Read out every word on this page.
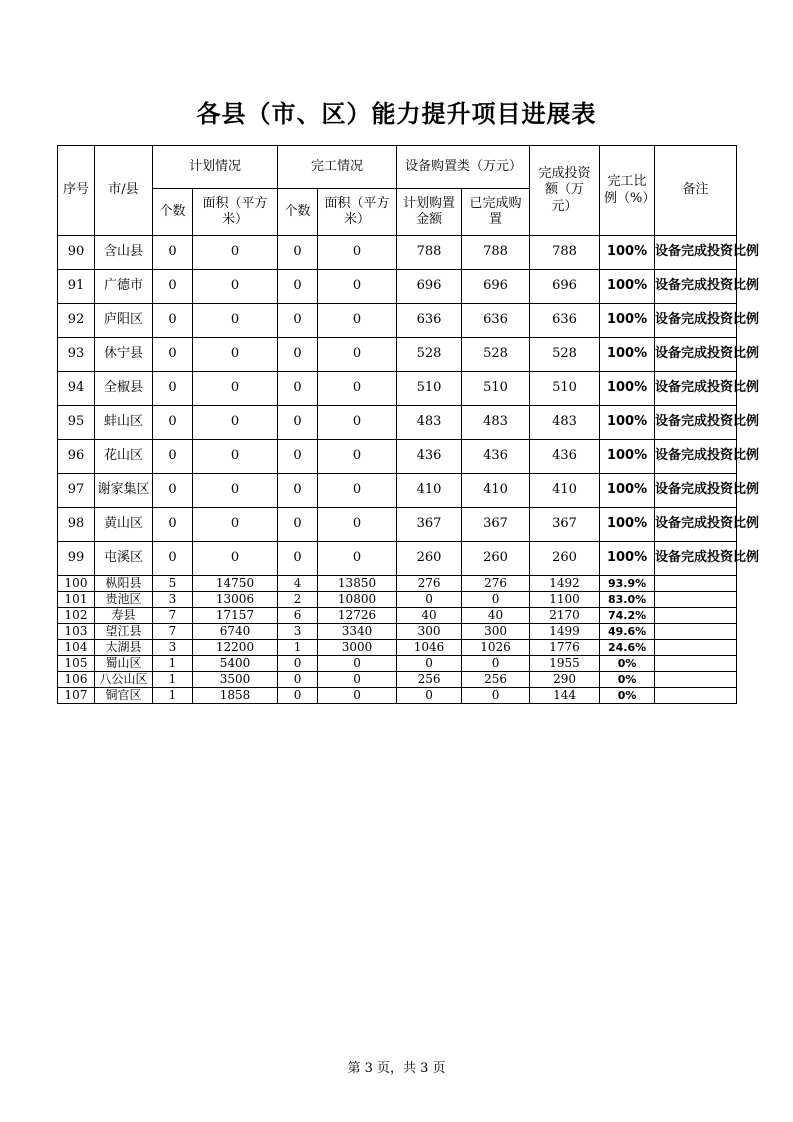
各县（市、区）能力提升项目进展表
序号	市/县	计划情况		完工情况		设备购置类（万元）		完成投资额（万元）	完工比例（%）	备注
		个数	面积（平方米）	个数	面积（平方米）	计划购置金额	已完成购置			
90	含山县	0	0	0	0	788	788	788	100%	设备完成投资比例
91	广德市	0	0	0	0	696	696	696	100%	设备完成投资比例
92	庐阳区	0	0	0	0	636	636	636	100%	设备完成投资比例
93	休宁县	0	0	0	0	528	528	528	100%	设备完成投资比例
94	全椒县	0	0	0	0	510	510	510	100%	设备完成投资比例
95	蚌山区	0	0	0	0	483	483	483	100%	设备完成投资比例
96	花山区	0	0	0	0	436	436	436	100%	设备完成投资比例
97	谢家集区	0	0	0	0	410	410	410	100%	设备完成投资比例
98	黄山区	0	0	0	0	367	367	367	100%	设备完成投资比例
99	屯溪区	0	0	0	0	260	260	260	100%	设备完成投资比例
100	枞阳县	5	14750	4	13850	276	276	1492	93.9%	
101	贵池区	3	13006	2	10800	0	0	1100	83.0%	
102	寿县	7	17157	6	12726	40	40	2170	74.2%	
103	望江县	7	6740	3	3340	300	300	1499	49.6%	
104	太湖县	3	12200	1	3000	1046	1026	1776	24.6%	
105	蜀山区	1	5400	0	0	0	0	1955	0%	
106	八公山区	1	3500	0	0	256	256	290	0%	
107	铜官区	1	1858	0	0	0	0	144	0%	
第 3 页，共 3 页
